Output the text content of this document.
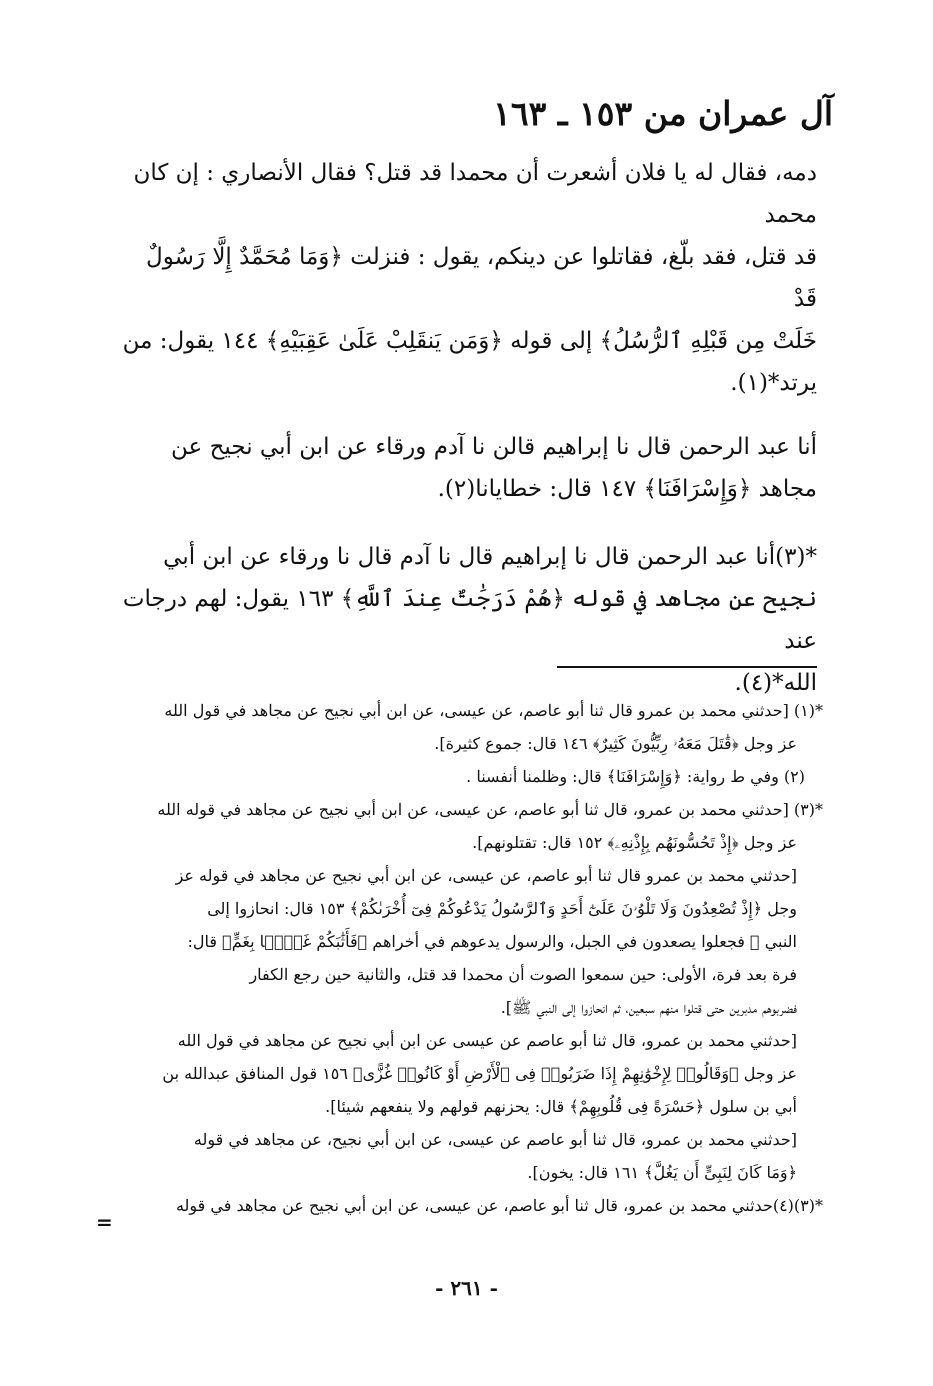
آل عمران من ١٥٣ ـ ١٦٣

دمه، فقال له يا فلان أشعرت أن محمدا قد قتل؟ فقال الأنصاري : إن كان محمد

قد قتل، فقد بلّغ، فقاتلوا عن دينكم، يقول : فنزلت ﴿وَمَا مُحَمَّدٌ إِلَّا رَسُولٌ قَدْ

خَلَتْ مِن قَبْلِهِ ٱلرُّسُلُ﴾ إلى قوله ﴿وَمَن يَنقَلِبْ عَلَىٰ عَقِبَيْهِ﴾ ١٤٤ يقول: من

يرتد*(١).

أنا عبد الرحمن قال نا إبراهيم قالن نا آدم ورقاء عن ابن أبي نجيح عن

مجاهد ﴿وَإِسْرَافَنَا﴾ ١٤٧ قال: خطايانا(٢).

*(٣)أنا عبد الرحمن قال نا إبراهيم قال نا آدم قال نا ورقاء عن ابن أبي

نجيح عن مجاهد في قوله ﴿هُمْ دَرَجَٰتٌ عِندَ ٱللَّهِ﴾ ١٦٣ يقول: لهم درجات عند

الله*(٤).

*(١) [حدثني محمد بن عمرو قال ثنا أبو عاصم، عن عيسى، عن ابن أبي نجيح عن مجاهد في قول الله

عز وجل ﴿قَٰتَلَ مَعَهُۥ رِبِّيُّونَ كَثِيرٌ﴾ ١٤٦ قال: جموع كثيرة].

(٢) وفي ط رواية: ﴿وَإِسْرَافَنَا﴾ قال: وظلمنا أنفسنا .

*(٣) [حدثني محمد بن عمرو، قال ثنا أبو عاصم، عن عيسى، عن ابن أبي نجيح عن مجاهد في قوله الله

عز وجل ﴿إِذْ تَحُسُّونَهُم بِإِذْنِهِۦ﴾ ١٥٢ قال: تقتلونهم].

[حدثني محمد بن عمرو قال ثنا أبو عاصم، عن عيسى، عن ابن أبي نجيح عن مجاهد في قوله عز

وجل ﴿إِذْ تُصْعِدُونَ وَلَا تَلْوُۥنَ عَلَىٰٓ أَحَدٍ وَٱلرَّسُولُ يَدْعُوكُمْ فِىٓ أُخْرَىٰكُمْ﴾ ١٥٣ قال: انحازوا إلى

النبي ﷺ فجعلوا يصعدون في الجبل، والرسول يدعوهم في أخراهم ﴿فَأَثَٰبَكُمْ غَمًّۢا بِغَمٍّ﴾ قال:

فرة بعد فرة، الأولى: حين سمعوا الصوت أن محمدا قد قتل، والثانية حين رجع الكفار

فضربوهم مدبرين حتى قتلوا منهم سبعين، ثم انحازوا إلى النبي ﷺ].

[حدثني محمد بن عمرو، قال ثنا أبو عاصم عن عيسى عن ابن أبي نجيح عن مجاهد في قول الله

عز وجل ﴿وَقَالُوا۟ لِإِخْوَٰنِهِمْ إِذَا ضَرَبُوا۟ فِى ٱلْأَرْضِ أَوْ كَانُوا۟ غُزًّى﴾ ١٥٦ قول المنافق عبدالله بن

أبي بن سلول ﴿حَسْرَةً فِى قُلُوبِهِمْ﴾ قال: يحزنهم قولهم ولا ينفعهم شيئا].

[حدثني محمد بن عمرو، قال ثنا أبو عاصم عن عيسى، عن ابن أبي نجيح، عن مجاهد في قوله

﴿وَمَا كَانَ لِنَبِىٍّ أَن يَغُلَّ﴾ ١٦١ قال: يخون].

*(٣)(٤)حدثني محمد بن عمرو، قال ثنا أبو عاصم، عن عيسى، عن ابن أبي نجيح عن مجاهد في قوله

=
- ٢٦١ -
